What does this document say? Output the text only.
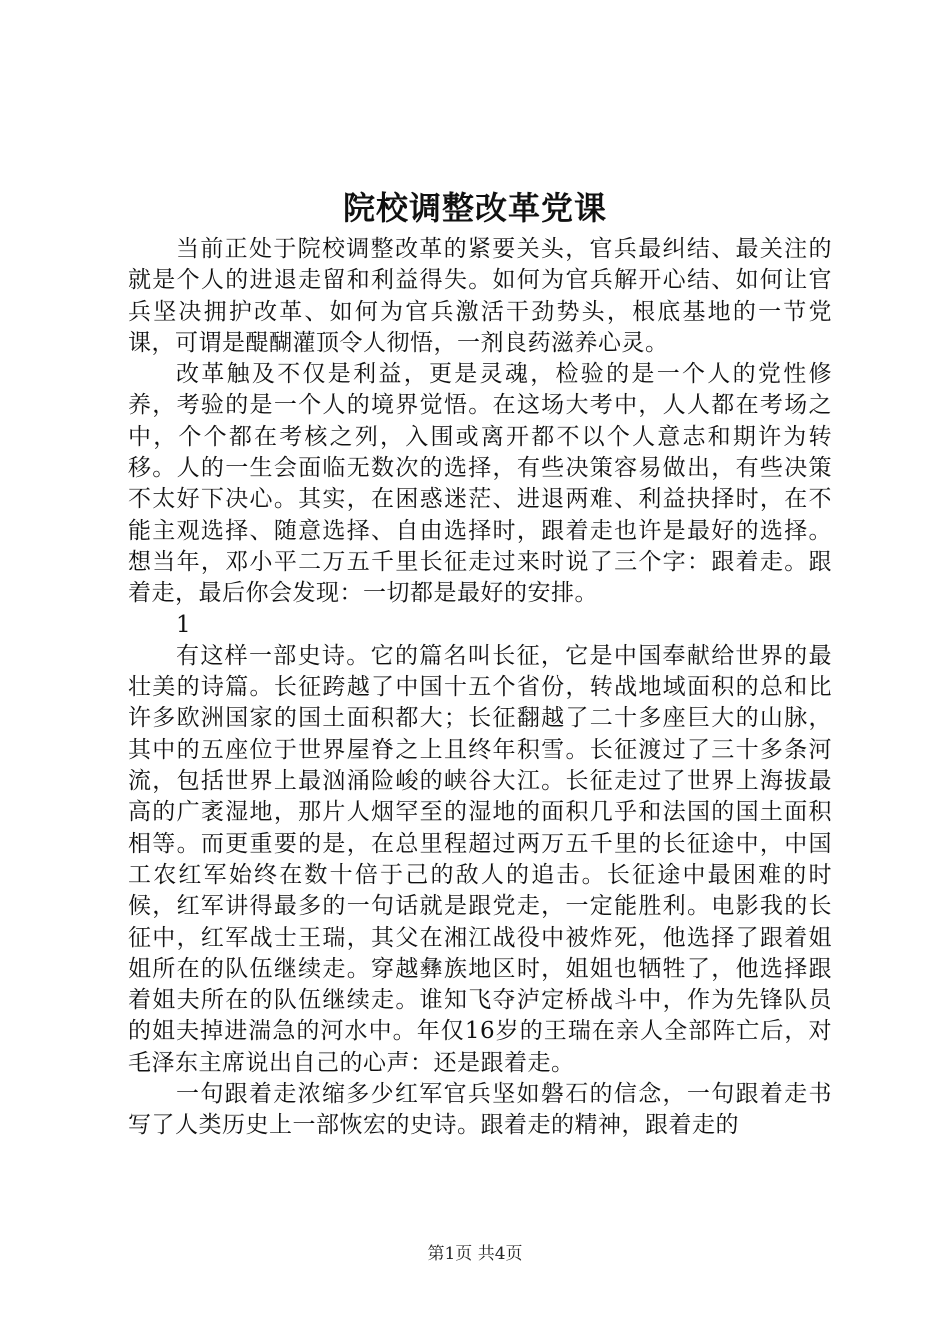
院校调整改革党课

当前正处于院校调整改革的紧要关头，官兵最纠结、最关注的就是个人的进退走留和利益得失。如何为官兵解开心结、如何让官兵坚决拥护改革、如何为官兵激活干劲势头，根底基地的一节党课，可谓是醍醐灌顶令人彻悟，一剂良药滋养心灵。

改革触及不仅是利益，更是灵魂，检验的是一个人的党性修养，考验的是一个人的境界觉悟。在这场大考中，人人都在考场之中，个个都在考核之列，入围或离开都不以个人意志和期许为转移。人的一生会面临无数次的选择，有些决策容易做出，有些决策不太好下决心。其实，在困惑迷茫、进退两难、利益抉择时，在不能主观选择、随意选择、自由选择时，跟着走也许是最好的选择。想当年，邓小平二万五千里长征走过来时说了三个字：跟着走。跟着走，最后你会发现：一切都是最好的安排。

1

有这样一部史诗。它的篇名叫长征，它是中国奉献给世界的最壮美的诗篇。长征跨越了中国十五个省份，转战地域面积的总和比许多欧洲国家的国土面积都大；长征翻越了二十多座巨大的山脉，其中的五座位于世界屋脊之上且终年积雪。长征渡过了三十多条河流，包括世界上最汹涌险峻的峡谷大江。长征走过了世界上海拔最高的广袤湿地，那片人烟罕至的湿地的面积几乎和法国的国土面积相等。而更重要的是，在总里程超过两万五千里的长征途中，中国工农红军始终在数十倍于己的敌人的追击。长征途中最困难的时候，红军讲得最多的一句话就是跟党走，一定能胜利。电影我的长征中，红军战士王瑞，其父在湘江战役中被炸死，他选择了跟着姐姐所在的队伍继续走。穿越彝族地区时，姐姐也牺牲了，他选择跟着姐夫所在的队伍继续走。谁知飞夺泸定桥战斗中，作为先锋队员的姐夫掉进湍急的河水中。年仅16岁的王瑞在亲人全部阵亡后，对毛泽东主席说出自己的心声：还是跟着走。

一句跟着走浓缩多少红军官兵坚如磐石的信念，一句跟着走书写了人类历史上一部恢宏的史诗。跟着走的精神，跟着走的

第1页 共4页
